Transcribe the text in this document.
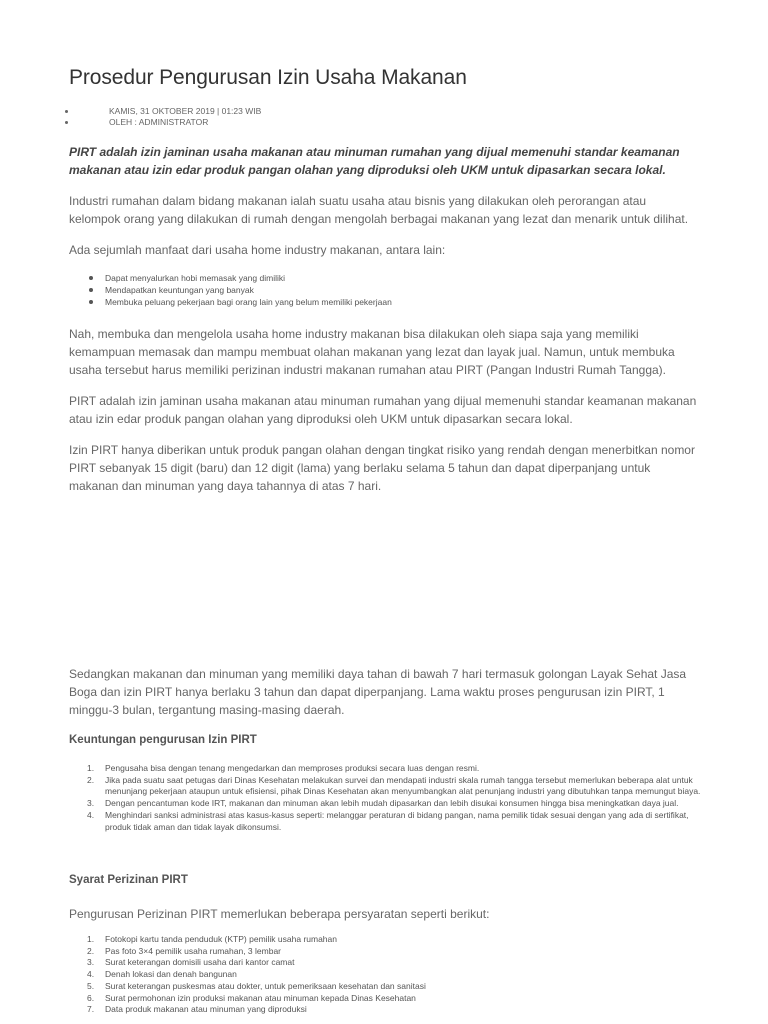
Prosedur Pengurusan Izin Usaha Makanan
KAMIS, 31 OKTOBER 2019 | 01:23 WIB
OLEH : ADMINISTRATOR

PIRT adalah izin jaminan usaha makanan atau minuman rumahan yang dijual memenuhi standar keamanan makanan atau izin edar produk pangan olahan yang diproduksi oleh UKM untuk dipasarkan secara lokal.

Industri rumahan dalam bidang makanan ialah suatu usaha atau bisnis yang dilakukan oleh perorangan atau kelompok orang yang dilakukan di rumah dengan mengolah berbagai makanan yang lezat dan menarik untuk dilihat.

Ada sejumlah manfaat dari usaha home industry makanan, antara lain:

Dapat menyalurkan hobi memasak yang dimiliki
Mendapatkan keuntungan yang banyak
Membuka peluang pekerjaan bagi orang lain yang belum memiliki pekerjaan

Nah, membuka dan mengelola usaha home industry makanan bisa dilakukan oleh siapa saja yang memiliki kemampuan memasak dan mampu membuat olahan makanan yang lezat dan layak jual. Namun, untuk membuka usaha tersebut harus memiliki perizinan industri makanan rumahan atau PIRT (Pangan Industri Rumah Tangga).

PIRT adalah izin jaminan usaha makanan atau minuman rumahan yang dijual memenuhi standar keamanan makanan atau izin edar produk pangan olahan yang diproduksi oleh UKM untuk dipasarkan secara lokal.

Izin PIRT hanya diberikan untuk produk pangan olahan dengan tingkat risiko yang rendah dengan menerbitkan nomor PIRT sebanyak 15 digit (baru) dan 12 digit (lama) yang berlaku selama 5 tahun dan dapat diperpanjang untuk makanan dan minuman yang daya tahannya di atas 7 hari.

Sedangkan makanan dan minuman yang memiliki daya tahan di bawah 7 hari termasuk golongan Layak Sehat Jasa Boga dan izin PIRT hanya berlaku 3 tahun dan dapat diperpanjang. Lama waktu proses pengurusan izin PIRT, 1 minggu-3 bulan, tergantung masing-masing daerah.

Keuntungan pengurusan Izin PIRT
1. Pengusaha bisa dengan tenang mengedarkan dan memproses produksi secara luas dengan resmi.
2. Jika pada suatu saat petugas dari Dinas Kesehatan melakukan survei dan mendapati industri skala rumah tangga tersebut memerlukan beberapa alat untuk menunjang pekerjaan ataupun untuk efisiensi, pihak Dinas Kesehatan akan menyumbangkan alat penunjang industri yang dibutuhkan tanpa memungut biaya.
3. Dengan pencantuman kode IRT, makanan dan minuman akan lebih mudah dipasarkan dan lebih disukai konsumen hingga bisa meningkatkan daya jual.
4. Menghindari sanksi administrasi atas kasus-kasus seperti: melanggar peraturan di bidang pangan, nama pemilik tidak sesuai dengan yang ada di sertifikat, produk tidak aman dan tidak layak dikonsumsi.
Syarat Perizinan PIRT

Pengurusan Perizinan PIRT memerlukan beberapa persyaratan seperti berikut:

1. Fotokopi kartu tanda penduduk (KTP) pemilik usaha rumahan
2. Pas foto 3×4 pemilik usaha rumahan, 3 lembar
3. Surat keterangan domisili usaha dari kantor camat
4. Denah lokasi dan denah bangunan
5. Surat keterangan puskesmas atau dokter, untuk pemeriksaan kesehatan dan sanitasi
6. Surat permohonan izin produksi makanan atau minuman kepada Dinas Kesehatan
7. Data produk makanan atau minuman yang diproduksi
